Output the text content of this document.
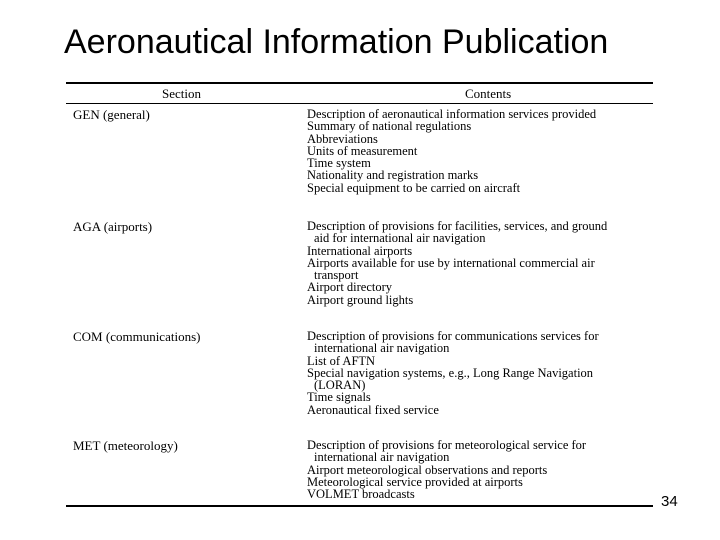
Aeronautical Information Publication
Section	Contents
GEN (general)	Description of aeronautical information services provided
Summary of national regulations
Abbreviations
Units of measurement
Time system
Nationality and registration marks
Special equipment to be carried on aircraft
AGA (airports)	Description of provisions for facilities, services, and ground
aid for international air navigation
International airports
Airports available for use by international commercial air
transport
Airport directory
Airport ground lights
COM (communications)	Description of provisions for communications services for
international air navigation
List of AFTN
Special navigation systems, e.g., Long Range Navigation
(LORAN)
Time signals
Aeronautical fixed service
MET (meteorology)	Description of provisions for meteorological service for
international air navigation
Airport meteorological observations and reports
Meteorological service provided at airports
VOLMET broadcasts	34
